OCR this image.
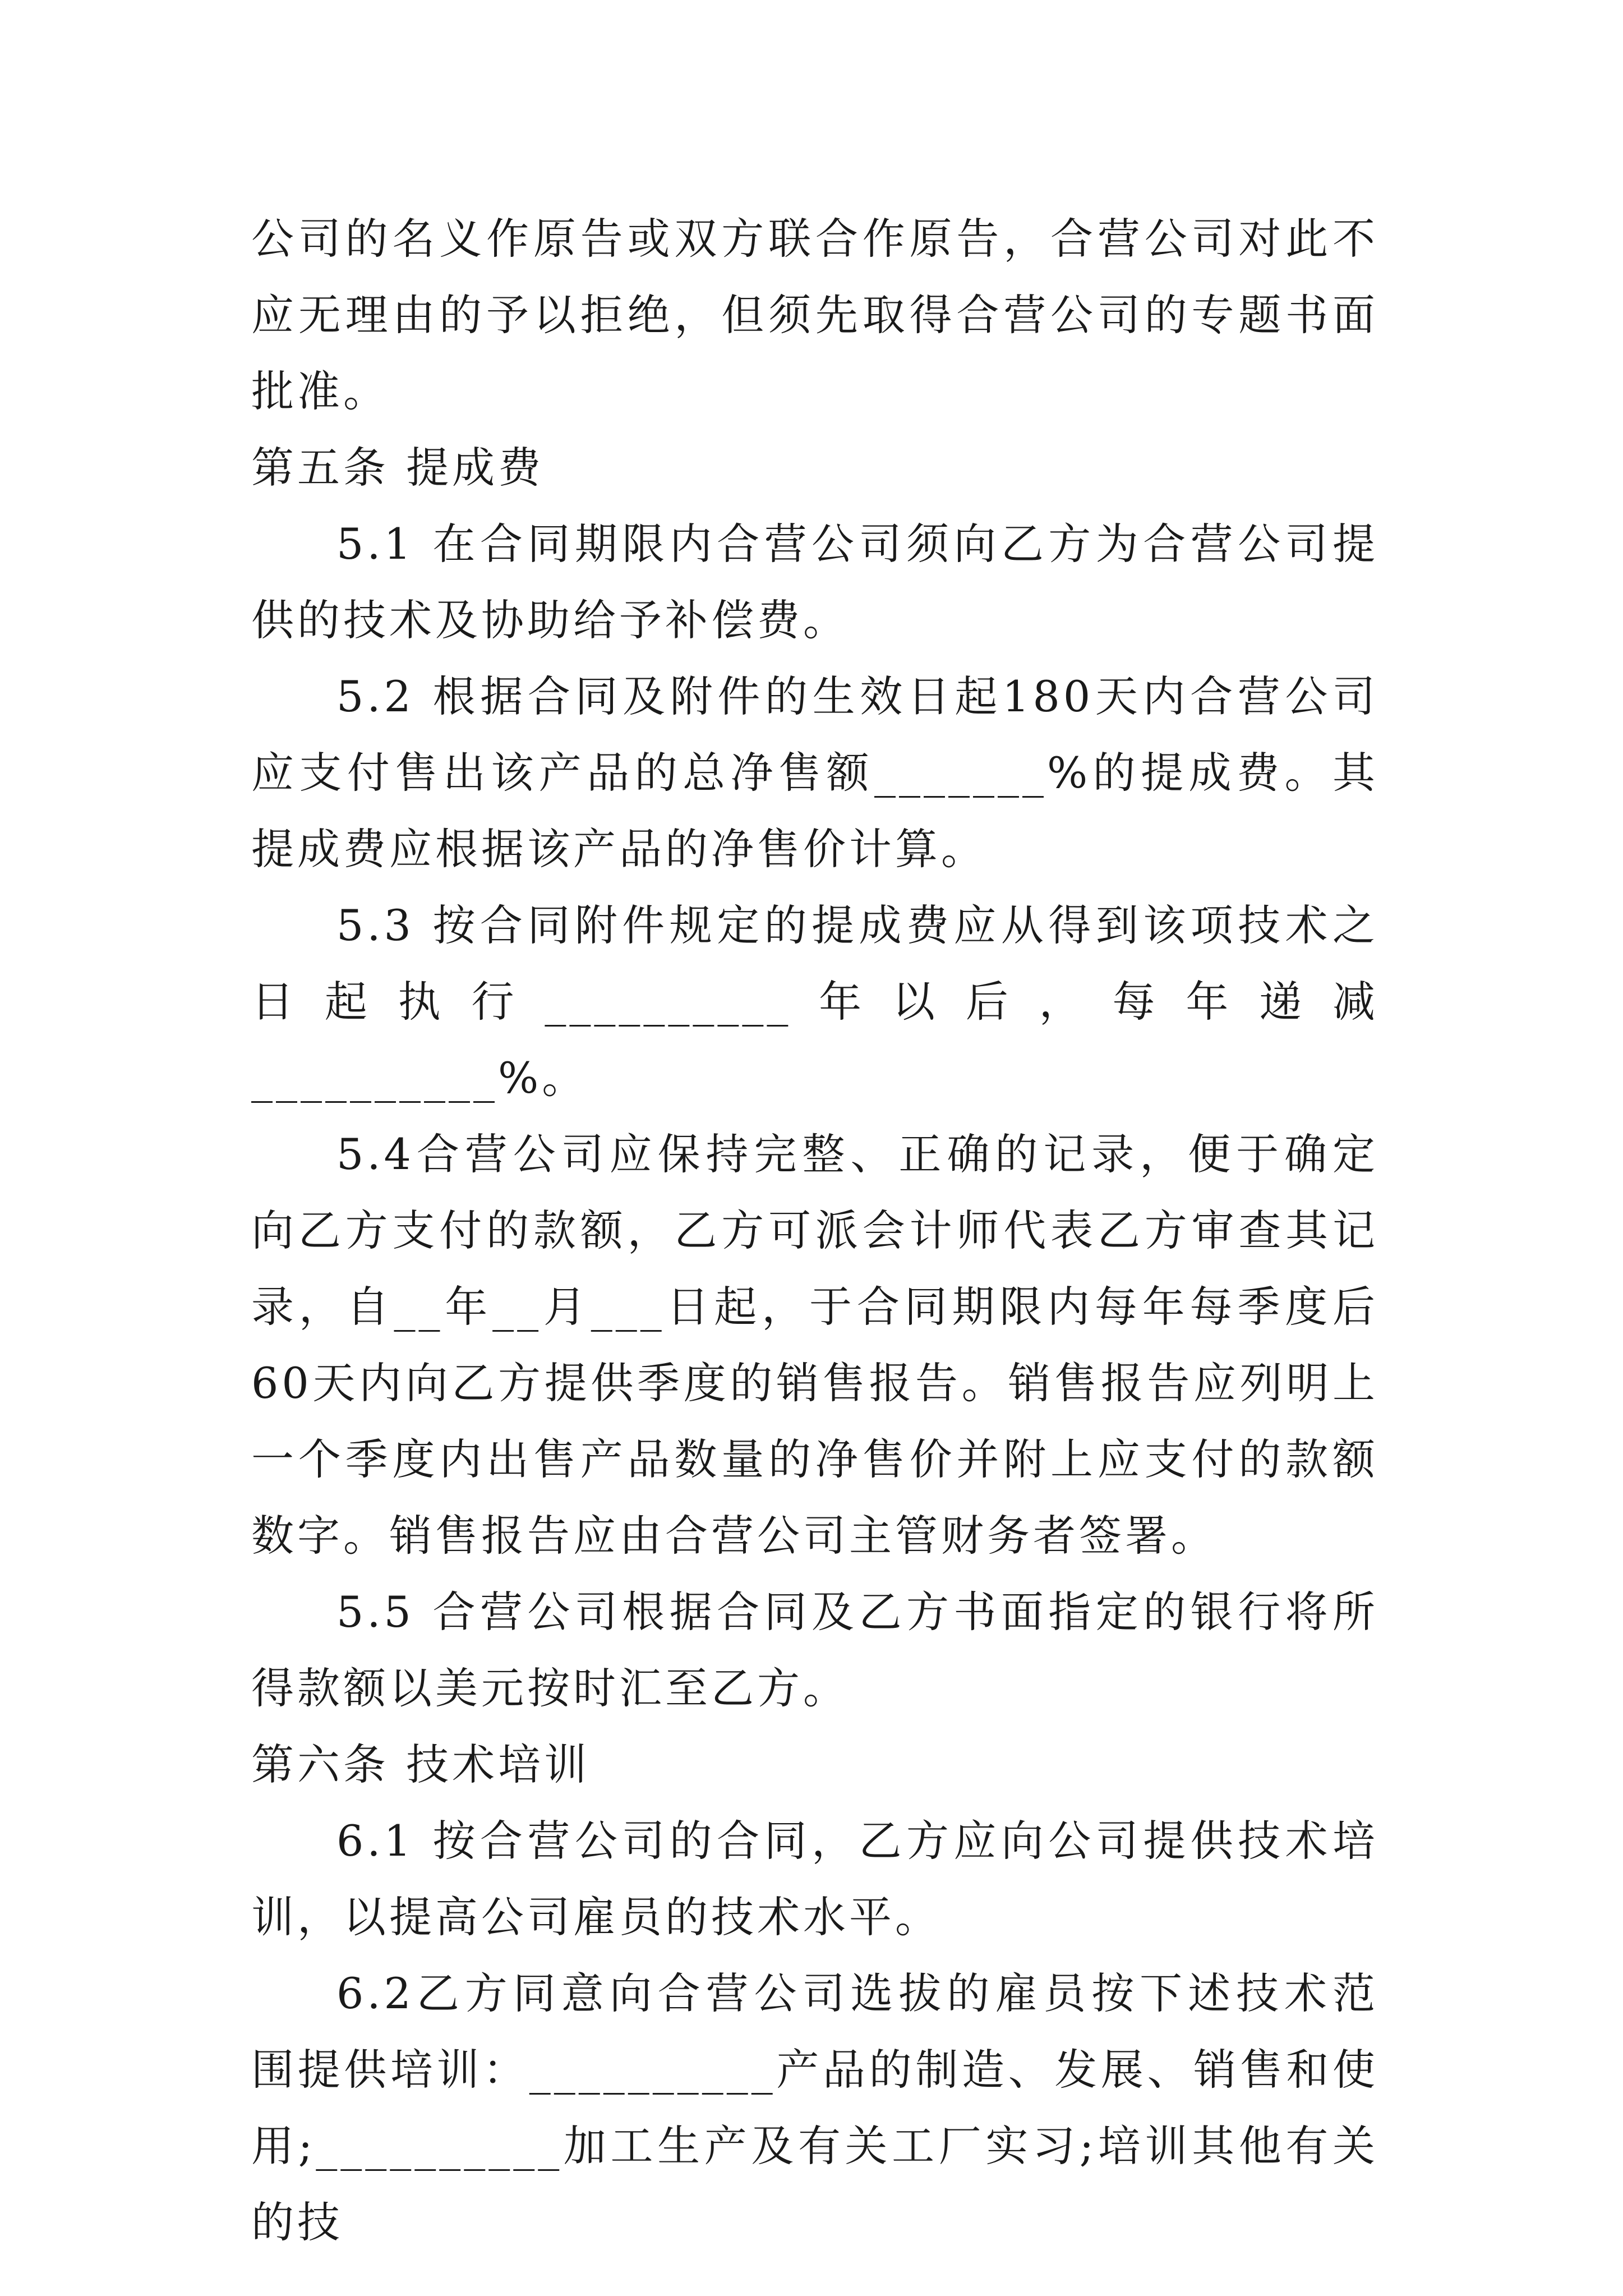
公司的名义作原告或双方联合作原告，合营公司对此不应无理由的予以拒绝，但须先取得合营公司的专题书面批准。

第五条 提成费

5.1 在合同期限内合营公司须向乙方为合营公司提供的技术及协助给予补偿费。

5.2 根据合同及附件的生效日起180天内合营公司应支付售出该产品的总净售额_______%的提成费。其提成费应根据该产品的净售价计算。

5.3 按合同附件规定的提成费应从得到该项技术之日起执行__________年以后，每年递减__________%。

5.4合营公司应保持完整、正确的记录，便于确定向乙方支付的款额，乙方可派会计师代表乙方审查其记录，自__年__月___日起，于合同期限内每年每季度后60天内向乙方提供季度的销售报告。销售报告应列明上一个季度内出售产品数量的净售价并附上应支付的款额数字。销售报告应由合营公司主管财务者签署。

5.5 合营公司根据合同及乙方书面指定的银行将所得款额以美元按时汇至乙方。

第六条 技术培训

6.1 按合营公司的合同，乙方应向公司提供技术培训，以提高公司雇员的技术水平。

6.2乙方同意向合营公司选拔的雇员按下述技术范围提供培训：__________产品的制造、发展、销售和使用;__________加工生产及有关工厂实习;培训其他有关的技
